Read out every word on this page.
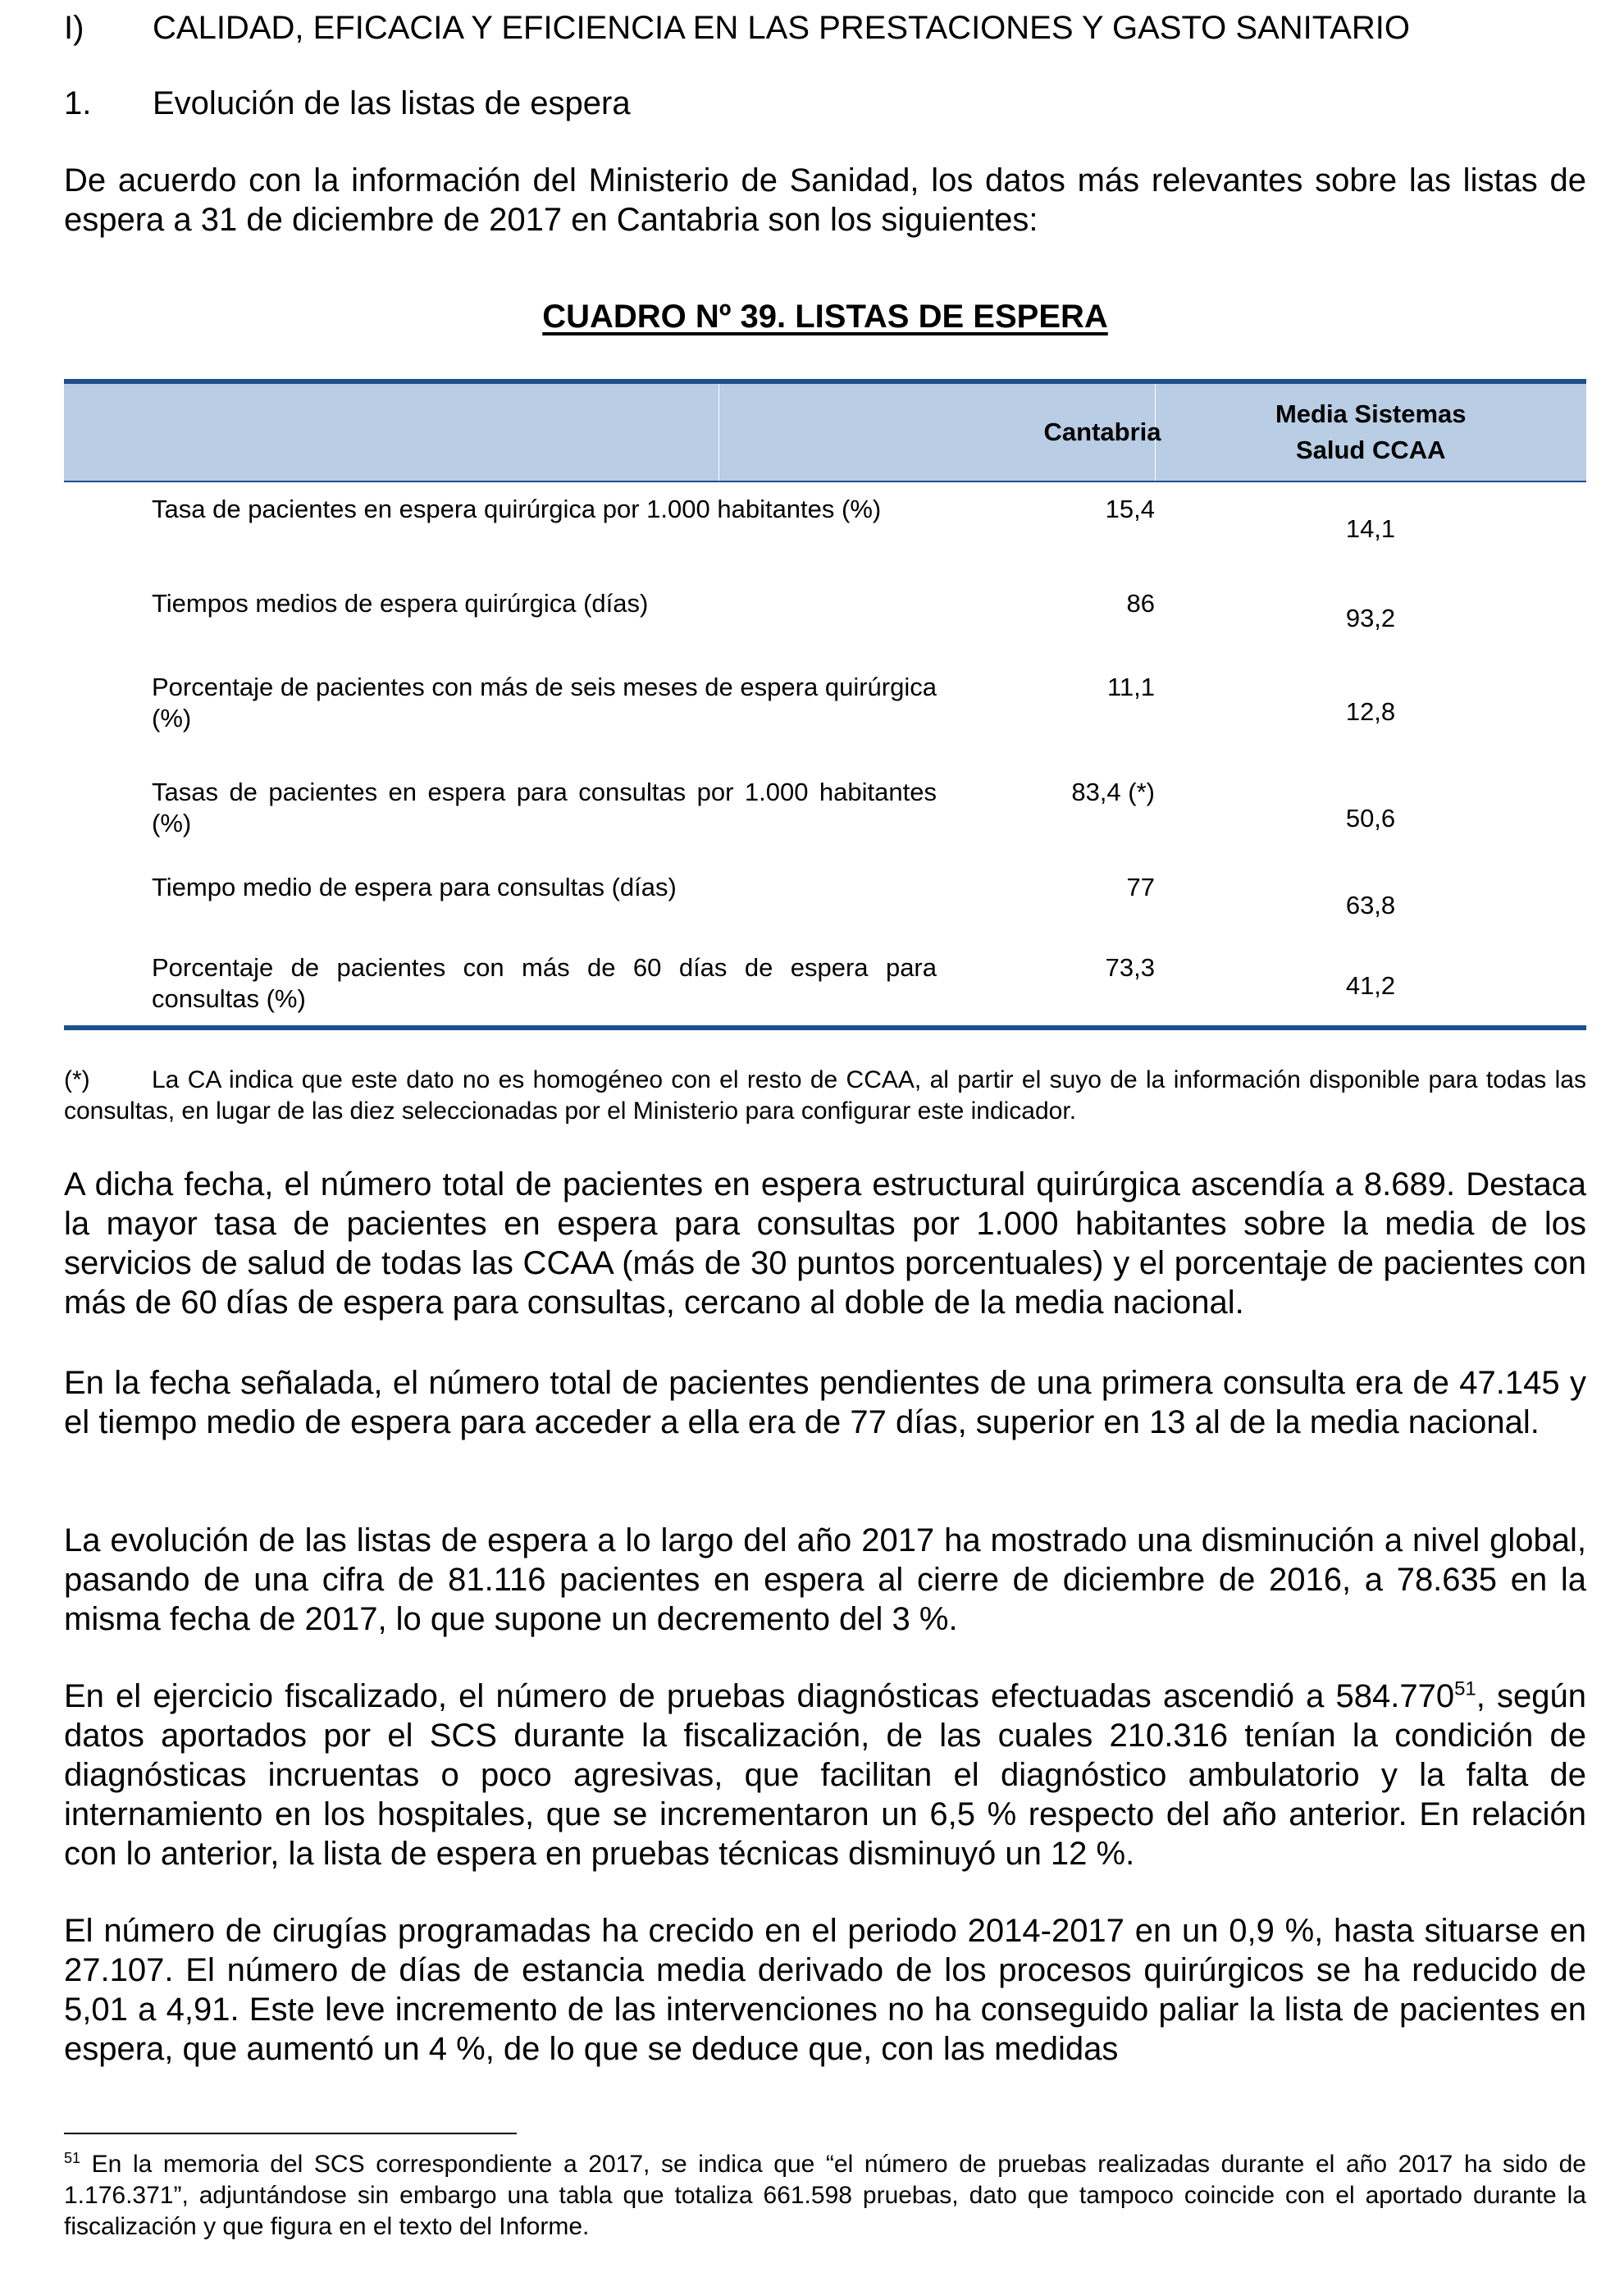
I) CALIDAD, EFICACIA Y EFICIENCIA EN LAS PRESTACIONES Y GASTO SANITARIO
1. Evolución de las listas de espera
De acuerdo con la información del Ministerio de Sanidad, los datos más relevantes sobre las listas de espera a 31 de diciembre de 2017 en Cantabria son los siguientes:
CUADRO Nº 39. LISTAS DE ESPERA

	Cantabria	Media Sistemas
Salud CCAA

Tasa de pacientes en espera quirúrgica por 1.000 habitantes (%)	15,4	14,1

Tiempos medios de espera quirúrgica (días)	86	93,2

Porcentaje de pacientes con más de seis meses de espera quirúrgica (%)	11,1	12,8

Tasas de pacientes en espera para consultas por 1.000 habitantes (%)	83,4 (*)	50,6

Tiempo medio de espera para consultas (días)	77	63,8

Porcentaje de pacientes con más de 60 días de espera para consultas (%)	73,3	41,2
(*)	La CA indica que este dato no es homogéneo con el resto de CCAA, al partir el suyo de la información disponible para todas las consultas, en lugar de las diez seleccionadas por el Ministerio para configurar este indicador.
A dicha fecha, el número total de pacientes en espera estructural quirúrgica ascendía a 8.689. Destaca la mayor tasa de pacientes en espera para consultas por 1.000 habitantes sobre la media de los servicios de salud de todas las CCAA (más de 30 puntos porcentuales) y el porcentaje de pacientes con más de 60 días de espera para consultas, cercano al doble de la media nacional.
En la fecha señalada, el número total de pacientes pendientes de una primera consulta era de 47.145 y el tiempo medio de espera para acceder a ella era de 77 días, superior en 13 al de la media nacional.
La evolución de las listas de espera a lo largo del año 2017 ha mostrado una disminución a nivel global, pasando de una cifra de 81.116 pacientes en espera al cierre de diciembre de 2016, a 78.635 en la misma fecha de 2017, lo que supone un decremento del 3 %.
En el ejercicio fiscalizado, el número de pruebas diagnósticas efectuadas ascendió a 584.770$^{51}$, según datos aportados por el SCS durante la fiscalización, de las cuales 210.316 tenían la condición de diagnósticas incruentas o poco agresivas, que facilitan el diagnóstico ambulatorio y la falta de internamiento en los hospitales, que se incrementaron un 6,5 % respecto del año anterior. En relación con lo anterior, la lista de espera en pruebas técnicas disminuyó un 12 %.
El número de cirugías programadas ha crecido en el periodo 2014-2017 en un 0,9 %, hasta situarse en 27.107. El número de días de estancia media derivado de los procesos quirúrgicos se ha reducido de 5,01 a 4,91. Este leve incremento de las intervenciones no ha conseguido paliar la lista de pacientes en espera, que aumentó un 4 %, de lo que se deduce que, con las medidas
$^{51}$ En la memoria del SCS correspondiente a 2017, se indica que “el número de pruebas realizadas durante el año 2017 ha sido de 1.176.371”, adjuntándose sin embargo una tabla que totaliza 661.598 pruebas, dato que tampoco coincide con el aportado durante la fiscalización y que figura en el texto del Informe.
